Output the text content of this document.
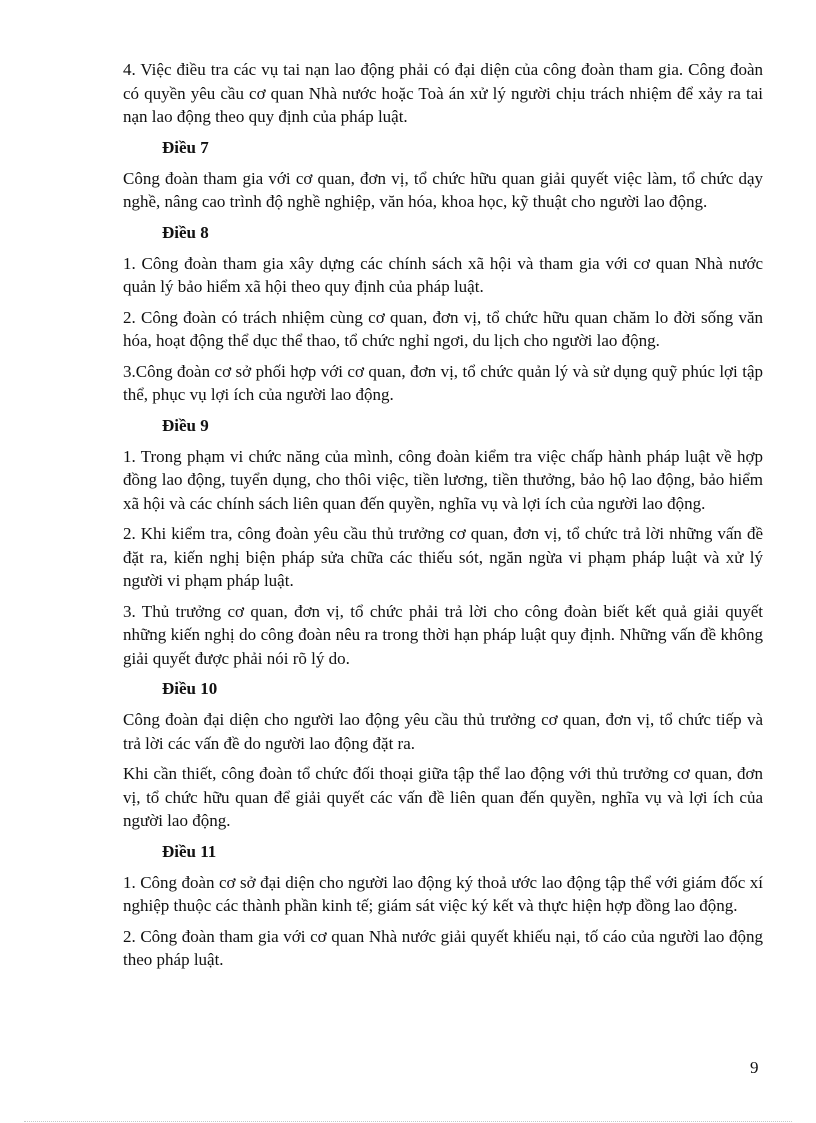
4. Việc điều tra các vụ tai nạn lao động phải có đại diện của công đoàn tham gia. Công đoàn có quyền yêu cầu cơ quan Nhà nước hoặc Toà án xử lý người chịu trách nhiệm để xảy ra tai nạn lao động theo quy định của pháp luật.

Điều 7

Công đoàn tham gia với cơ quan, đơn vị, tổ chức hữu quan giải quyết việc làm, tổ chức dạy nghề, nâng cao trình độ nghề nghiệp, văn hóa, khoa học, kỹ thuật cho người lao động.

Điều 8

1. Công đoàn tham gia xây dựng các chính sách xã hội và tham gia với cơ quan Nhà nước quản lý bảo hiểm xã hội theo quy định của pháp luật.

2. Công đoàn có trách nhiệm cùng cơ quan, đơn vị, tổ chức hữu quan chăm lo đời sống văn hóa, hoạt động thể dục thể thao, tổ chức nghỉ ngơi, du lịch cho người lao động.

3.Công đoàn cơ sở phối hợp với cơ quan, đơn vị, tổ chức quản lý và sử dụng quỹ phúc lợi tập thể, phục vụ lợi ích của người lao động.

Điều 9

1. Trong phạm vi chức năng của mình, công đoàn kiểm tra việc chấp hành pháp luật về hợp đồng lao động, tuyển dụng, cho thôi việc, tiền lương, tiền thưởng, bảo hộ lao động, bảo hiểm xã hội và các chính sách liên quan đến quyền, nghĩa vụ và lợi ích của người lao động.

2. Khi kiểm tra, công đoàn yêu cầu thủ trưởng cơ quan, đơn vị, tổ chức trả lời những vấn đề đặt ra, kiến nghị biện pháp sửa chữa các thiếu sót, ngăn ngừa vi phạm pháp luật và xử lý người vi phạm pháp luật.

3. Thủ trưởng cơ quan, đơn vị, tổ chức phải trả lời cho công đoàn biết kết quả giải quyết những kiến nghị do công đoàn nêu ra trong thời hạn pháp luật quy định. Những vấn đề không giải quyết được phải nói rõ lý do.

Điều 10

Công đoàn đại diện cho người lao động yêu cầu thủ trưởng cơ quan, đơn vị, tổ chức tiếp và trả lời các vấn đề do người lao động đặt ra.

Khi cần thiết, công đoàn tổ chức đối thoại giữa tập thể lao động với thủ trưởng cơ quan, đơn vị, tổ chức hữu quan để giải quyết các vấn đề liên quan đến quyền, nghĩa vụ và lợi ích của người lao động.

Điều 11

1. Công đoàn cơ sở đại diện cho người lao động ký thoả ước lao động tập thể với giám đốc xí nghiệp thuộc các thành phần kinh tế; giám sát việc ký kết và thực hiện hợp đồng lao động.

2. Công đoàn tham gia với cơ quan Nhà nước giải quyết khiếu nại, tố cáo của người lao động theo pháp luật.

9
